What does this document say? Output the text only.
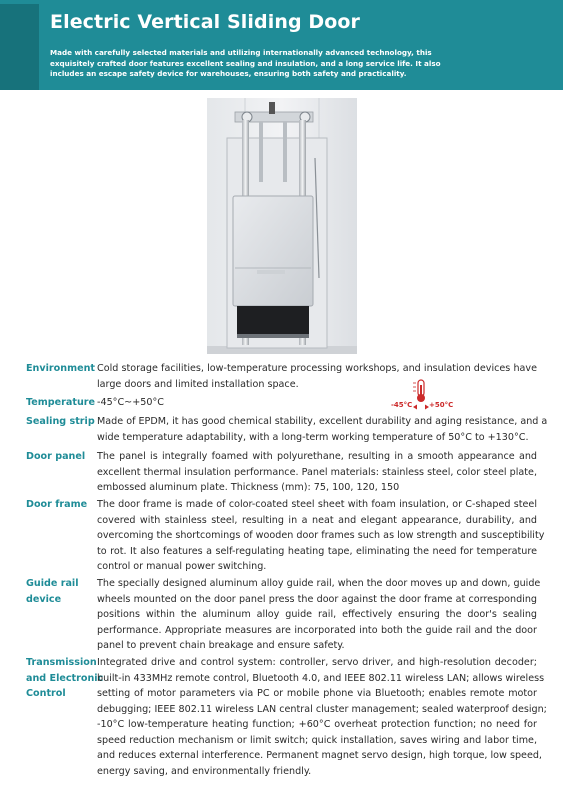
Electric Vertical Sliding Door
Made with carefully selected materials and utilizing internationally advanced technology, this
exquisitely crafted door features excellent sealing and insulation, and a long service life. It also
includes an escape safety device for warehouses, ensuring both safety and practicality.
-45°C +50°C
Environment Cold storage facilities, low-temperature processing workshops, and insulation devices have
large doors and limited installation space.
Temperature -45°C~+50°C
Sealing strip Made of EPDM, it has good chemical stability, excellent durability and aging resistance, and a
wide temperature adaptability, with a long-term working temperature of 50°C to +130°C.
Door panel The panel is integrally foamed with polyurethane, resulting in a smooth appearance and
excellent thermal insulation performance. Panel materials: stainless steel, color steel plate,
embossed aluminum plate. Thickness (mm): 75, 100, 120, 150
Door frame The door frame is made of color-coated steel sheet with foam insulation, or C-shaped steel
covered with stainless steel, resulting in a neat and elegant appearance, durability, and
overcoming the shortcomings of wooden door frames such as low strength and susceptibility
to rot. It also features a self-regulating heating tape, eliminating the need for temperature
control or manual power switching.
Guide rail
device
The specially designed aluminum alloy guide rail, when the door moves up and down, guide
wheels mounted on the door panel press the door against the door frame at corresponding
positions within the aluminum alloy guide rail, effectively ensuring the door's sealing
performance. Appropriate measures are incorporated into both the guide rail and the door
panel to prevent chain breakage and ensure safety.
Transmission
and Electronic
Control
Integrated drive and control system: controller, servo driver, and high-resolution decoder;
built-in 433MHz remote control, Bluetooth 4.0, and IEEE 802.11 wireless LAN; allows wireless
setting of motor parameters via PC or mobile phone via Bluetooth; enables remote motor
debugging; IEEE 802.11 wireless LAN central cluster management; sealed waterproof design;
-10°C low-temperature heating function; +60°C overheat protection function; no need for
speed reduction mechanism or limit switch; quick installation, saves wiring and labor time,
and reduces external interference. Permanent magnet servo design, high torque, low speed,
energy saving, and environmentally friendly.
